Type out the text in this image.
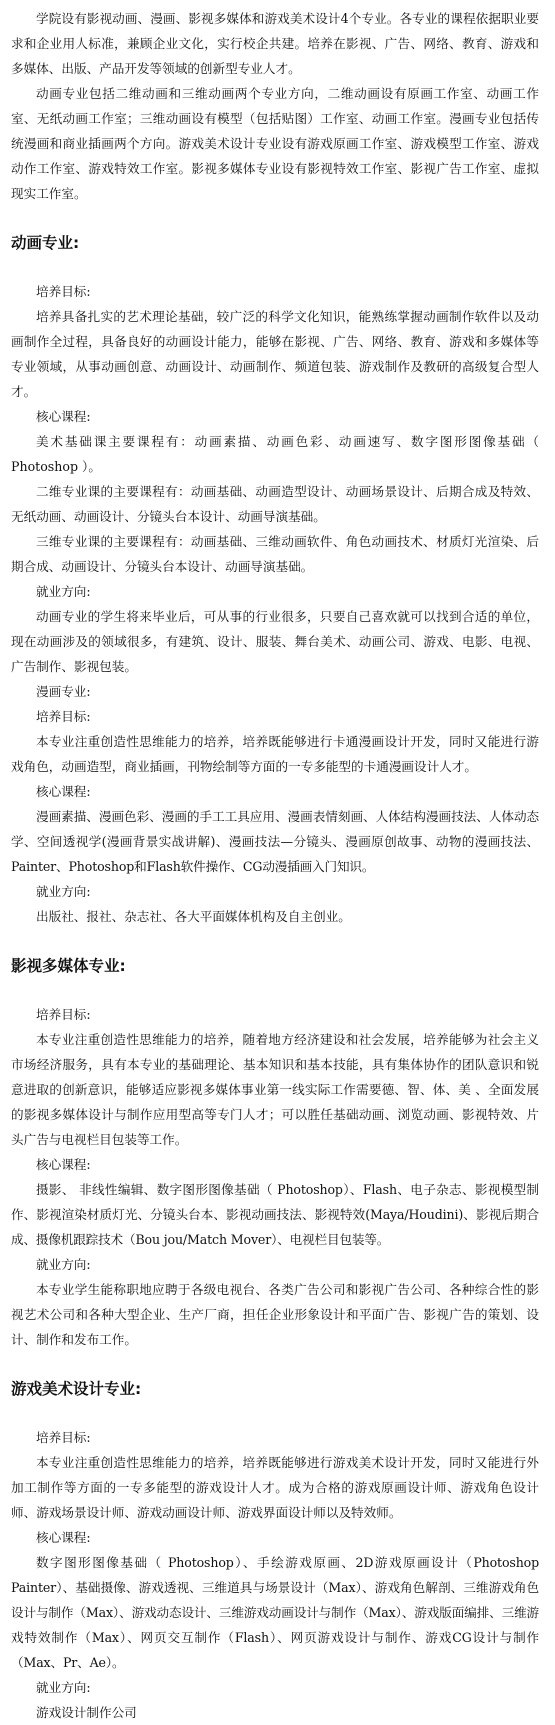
学院设有影视动画、漫画、影视多媒体和游戏美术设计4个专业。各专业的课程依据职业要求和企业用人标准，兼顾企业文化，实行校企共建。培养在影视、广告、网络、教育、游戏和多媒体、出版、产品开发等领域的创新型专业人才。

动画专业包括二维动画和三维动画两个专业方向，二维动画设有原画工作室、动画工作室、无纸动画工作室；三维动画设有模型（包括贴图）工作室、动画工作室。漫画专业包括传统漫画和商业插画两个方向。游戏美术设计专业设有游戏原画工作室、游戏模型工作室、游戏动作工作室、游戏特效工作室。影视多媒体专业设有影视特效工作室、影视广告工作室、虚拟现实工作室。

动画专业:

培养目标:

培养具备扎实的艺术理论基础，较广泛的科学文化知识，能熟练掌握动画制作软件以及动画制作全过程，具备良好的动画设计能力，能够在影视、广告、网络、教育、游戏和多媒体等专业领域，从事动画创意、动画设计、动画制作、频道包装、游戏制作及教研的高级复合型人才。

核心课程:

美术基础课主要课程有：动画素描、动画色彩、动画速写、数字图形图像基础（ Photoshop ）。

二维专业课的主要课程有：动画基础、动画造型设计、动画场景设计、后期合成及特效、无纸动画、动画设计、分镜头台本设计、动画导演基础。

三维专业课的主要课程有：动画基础、三维动画软件、角色动画技术、材质灯光渲染、后期合成、动画设计、分镜头台本设计、动画导演基础。

就业方向:

动画专业的学生将来毕业后，可从事的行业很多，只要自己喜欢就可以找到合适的单位，现在动画涉及的领域很多，有建筑、设计、服装、舞台美术、动画公司、游戏、电影、电视、广告制作、影视包装。

漫画专业:

培养目标:

本专业注重创造性思维能力的培养，培养既能够进行卡通漫画设计开发，同时又能进行游戏角色，动画造型，商业插画，刊物绘制等方面的一专多能型的卡通漫画设计人才。

核心课程:

漫画素描、漫画色彩、漫画的手工工具应用、漫画表情刻画、人体结构漫画技法、人体动态学、空间透视学(漫画背景实战讲解)、漫画技法—分镜头、漫画原创故事、动物的漫画技法、Painter、Photoshop和Flash软件操作、CG动漫插画入门知识。

就业方向:

出版社、报社、杂志社、各大平面媒体机构及自主创业。

影视多媒体专业:

培养目标:

本专业注重创造性思维能力的培养，随着地方经济建设和社会发展，培养能够为社会主义市场经济服务，具有本专业的基础理论、基本知识和基本技能，具有集体协作的团队意识和锐意进取的创新意识，能够适应影视多媒体事业第一线实际工作需要德、智、体、美 、全面发展的影视多媒体设计与制作应用型高等专门人才；可以胜任基础动画、浏览动画、影视特效、片头广告与电视栏目包装等工作。

核心课程:

摄影、 非线性编辑、数字图形图像基础（ Photoshop）、Flash、电子杂志、影视模型制作、影视渲染材质灯光、分镜头台本、影视动画技法、影视特效(Maya/Houdini)、影视后期合成、摄像机跟踪技术（Bou jou/Match Mover）、电视栏目包装等。

就业方向:

本专业学生能称职地应聘于各级电视台、各类广告公司和影视广告公司、各种综合性的影视艺术公司和各种大型企业、生产厂商，担任企业形象设计和平面广告、影视广告的策划、设计、制作和发布工作。

游戏美术设计专业:

培养目标:

本专业注重创造性思维能力的培养，培养既能够进行游戏美术设计开发，同时又能进行外加工制作等方面的一专多能型的游戏设计人才。成为合格的游戏原画设计师、游戏角色设计师、游戏场景设计师、游戏动画设计师、游戏界面设计师以及特效师。

核心课程:

数字图形图像基础（ Photoshop）、手绘游戏原画、2D游戏原画设计（Photoshop Painter）、基础摄像、游戏透视、三维道具与场景设计（Max）、游戏角色解剖、三维游戏角色设计与制作（Max）、游戏动态设计、三维游戏动画设计与制作（Max）、游戏版面编排、三维游戏特效制作（Max）、网页交互制作（Flash）、网页游戏设计与制作、游戏CG设计与制作（Max、Pr、Ae）。

就业方向:

游戏设计制作公司
